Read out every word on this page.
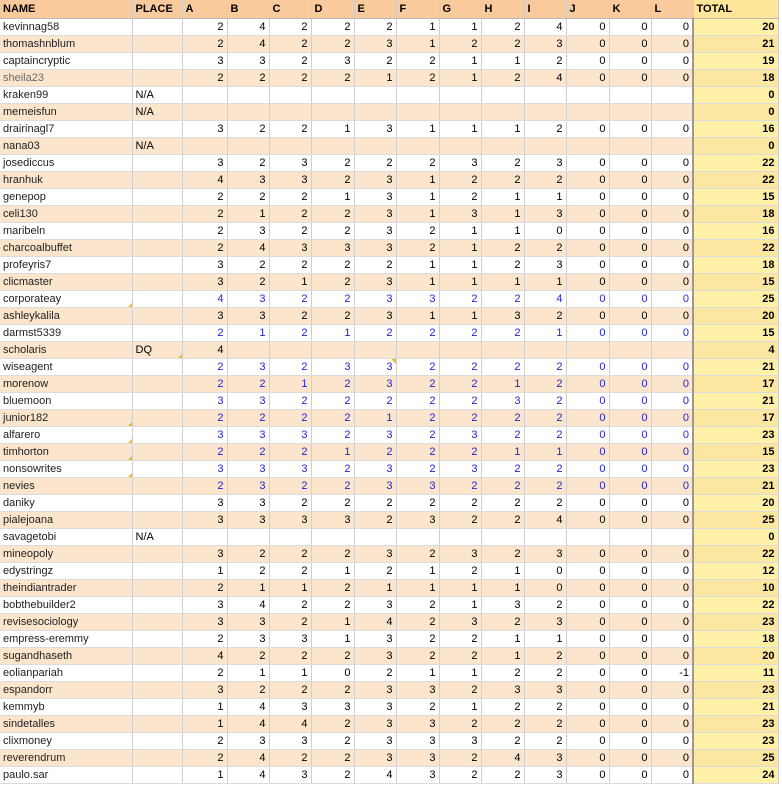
NAME	PLACE	A	B	C	D	E	F	G	H	I	J	K	L	TOTAL
kevinnag58		2	4	2	2	2	1	1	2	4	0	0	0	20
thomashnblum		2	4	2	2	3	1	2	2	3	0	0	0	21
captaincryptic		3	3	2	3	2	2	1	1	2	0	0	0	19
sheila23		2	2	2	2	1	2	1	2	4	0	0	0	18
kraken99	N/A													0
memeisfun	N/A													0
drairinagl7		3	2	2	1	3	1	1	1	2	0	0	0	16
nana03	N/A													0
josediccus		3	2	3	2	2	2	3	2	3	0	0	0	22
hranhuk		4	3	3	2	3	1	2	2	2	0	0	0	22
genepop		2	2	2	1	3	1	2	1	1	0	0	0	15
celi130		2	1	2	2	3	1	3	1	3	0	0	0	18
maribeln		2	3	2	2	3	2	1	1	0	0	0	0	16
charcoalbuffet		2	4	3	3	3	2	1	2	2	0	0	0	22
profeyris7		3	2	2	2	2	1	1	2	3	0	0	0	18
clicmaster		3	2	1	2	3	1	1	1	1	0	0	0	15
corporateay		4	3	2	2	3	3	2	2	4	0	0	0	25
ashleykalila		3	3	2	2	3	1	1	3	2	0	0	0	20
darmst5339		2	1	2	1	2	2	2	2	1	0	0	0	15
scholaris	DQ	4												4
wiseagent		2	3	2	3	3	2	2	2	2	0	0	0	21
morenow		2	2	1	2	3	2	2	1	2	0	0	0	17
bluemoon		3	3	2	2	2	2	2	3	2	0	0	0	21
junior182		2	2	2	2	1	2	2	2	2	0	0	0	17
alfarero		3	3	3	2	3	2	3	2	2	0	0	0	23
timhorton		2	2	2	1	2	2	2	1	1	0	0	0	15
nonsowrites		3	3	3	2	3	2	3	2	2	0	0	0	23
nevies		2	3	2	2	3	3	2	2	2	0	0	0	21
daniky		3	3	2	2	2	2	2	2	2	0	0	0	20
pialejoana		3	3	3	3	2	3	2	2	4	0	0	0	25
savagetobi	N/A													0
mineopoly		3	2	2	2	3	2	3	2	3	0	0	0	22
edystringz		1	2	2	1	2	1	2	1	0	0	0	0	12
theindiantrader		2	1	1	2	1	1	1	1	0	0	0	0	10
bobthebuilder2		3	4	2	2	3	2	1	3	2	0	0	0	22
revisesociology		3	3	2	1	4	2	3	2	3	0	0	0	23
empress-eremmy		2	3	3	1	3	2	2	1	1	0	0	0	18
sugandhaseth		4	2	2	2	3	2	2	1	2	0	0	0	20
eolianpariah		2	1	1	0	2	1	1	2	2	0	0	-1	11
espandorr		3	2	2	2	3	3	2	3	3	0	0	0	23
kemmyb		1	4	3	3	3	2	1	2	2	0	0	0	21
sindetalles		1	4	4	2	3	3	2	2	2	0	0	0	23
clixmoney		2	3	3	2	3	3	3	2	2	0	0	0	23
reverendrum		2	4	2	2	3	3	2	4	3	0	0	0	25
paulo.sar		1	4	3	2	4	3	2	2	3	0	0	0	24
